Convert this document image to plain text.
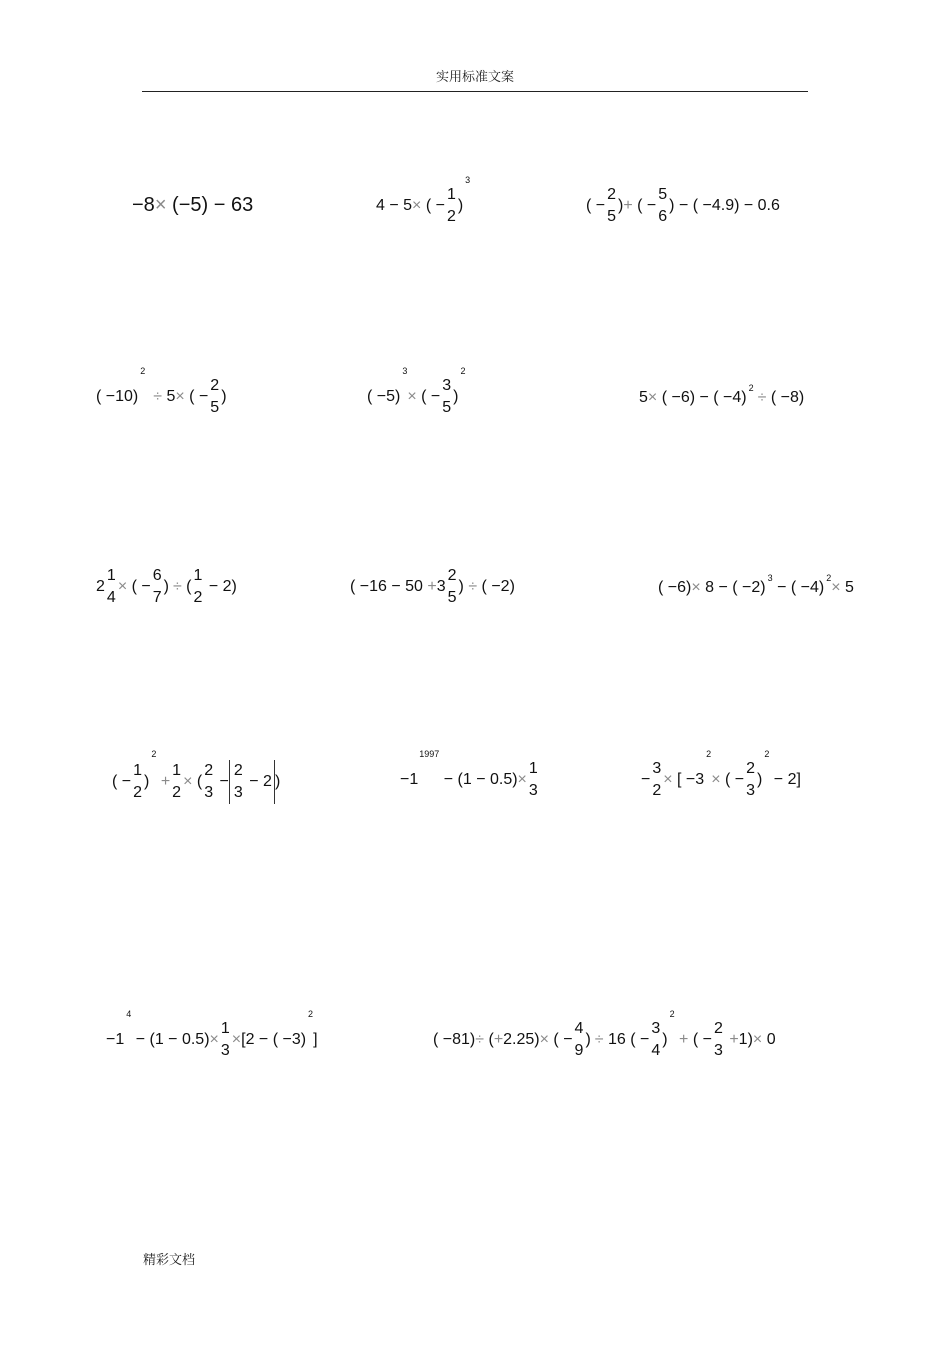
实用标准文案
−8 × (−5) − 63	4 − 5 × ( −
1
2
)
3
( −
2
5
) + ( −
5
6
) − ( −4.9) − 0.6
( −10)
2
÷ 5 × ( −
2
5
)	( −5)
3
× ( −
3
5
)
2
5 × ( −6) − ( −4)
2
÷ ( −8)
2
1
4
× ( −
6
7
) ÷ (
1
2
− 2)	( −16 − 50 + 3
2
5
) ÷ ( −2)	( −6) × 8 − ( −2)
3
− ( −4)
2
× 5
( −
1
2
)
2
+
1
2
× (
2
3
−
2
3
− 2 )	−1
1997
− (1 − 0.5) ×
1
3
−
3
2
× [ −3
2
× ( −
2
3
)
2
− 2]
−1
4
− (1 − 0.5) ×
1
3
× [2 − ( −3)
2
]	( −81) ÷ ( + 2.25) × ( −
4
9
) ÷ 16 ( −
3
4
)
2
+ ( −
2
3
+ 1) × 0
精彩文档
